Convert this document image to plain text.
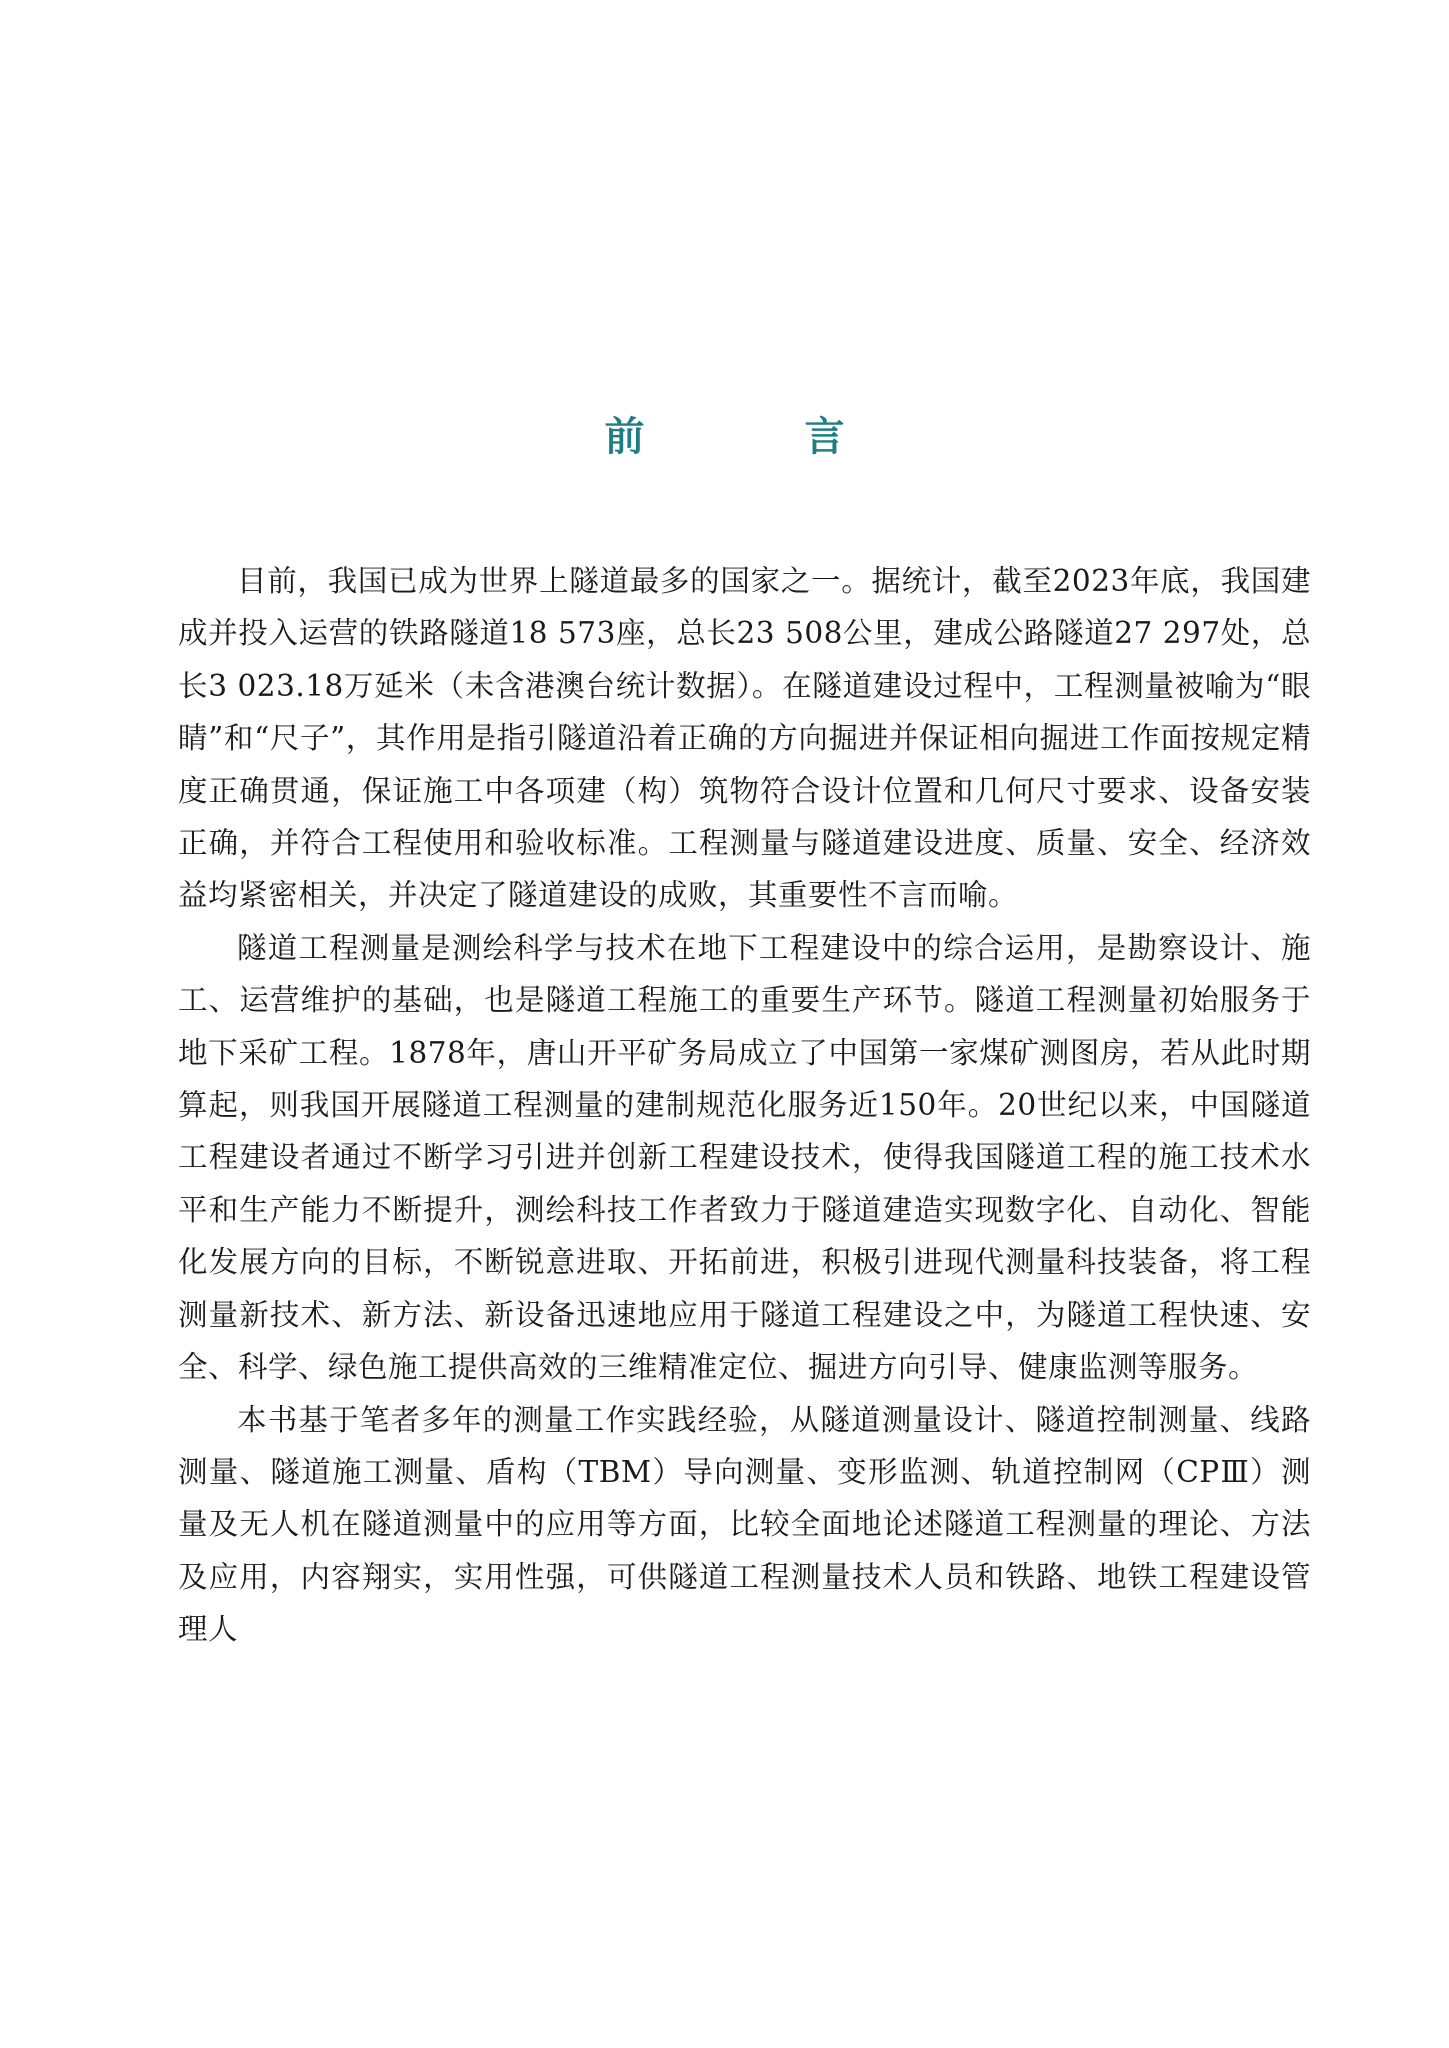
前　言

目前，我国已成为世界上隧道最多的国家之一。据统计，截至2023年底，我国建成并投入运营的铁路隧道18 573座，总长23 508公里，建成公路隧道27 297处，总长3 023.18万延米（未含港澳台统计数据）。在隧道建设过程中，工程测量被喻为“眼睛”和“尺子”，其作用是指引隧道沿着正确的方向掘进并保证相向掘进工作面按规定精度正确贯通，保证施工中各项建（构）筑物符合设计位置和几何尺寸要求、设备安装正确，并符合工程使用和验收标准。工程测量与隧道建设进度、质量、安全、经济效益均紧密相关，并决定了隧道建设的成败，其重要性不言而喻。

隧道工程测量是测绘科学与技术在地下工程建设中的综合运用，是勘察设计、施工、运营维护的基础，也是隧道工程施工的重要生产环节。隧道工程测量初始服务于地下采矿工程。1878年，唐山开平矿务局成立了中国第一家煤矿测图房，若从此时期算起，则我国开展隧道工程测量的建制规范化服务近150年。20世纪以来，中国隧道工程建设者通过不断学习引进并创新工程建设技术，使得我国隧道工程的施工技术水平和生产能力不断提升，测绘科技工作者致力于隧道建造实现数字化、自动化、智能化发展方向的目标，不断锐意进取、开拓前进，积极引进现代测量科技装备，将工程测量新技术、新方法、新设备迅速地应用于隧道工程建设之中，为隧道工程快速、安全、科学、绿色施工提供高效的三维精准定位、掘进方向引导、健康监测等服务。

本书基于笔者多年的测量工作实践经验，从隧道测量设计、隧道控制测量、线路测量、隧道施工测量、盾构（TBM）导向测量、变形监测、轨道控制网（CPⅢ）测量及无人机在隧道测量中的应用等方面，比较全面地论述隧道工程测量的理论、方法及应用，内容翔实，实用性强，可供隧道工程测量技术人员和铁路、地铁工程建设管理人
